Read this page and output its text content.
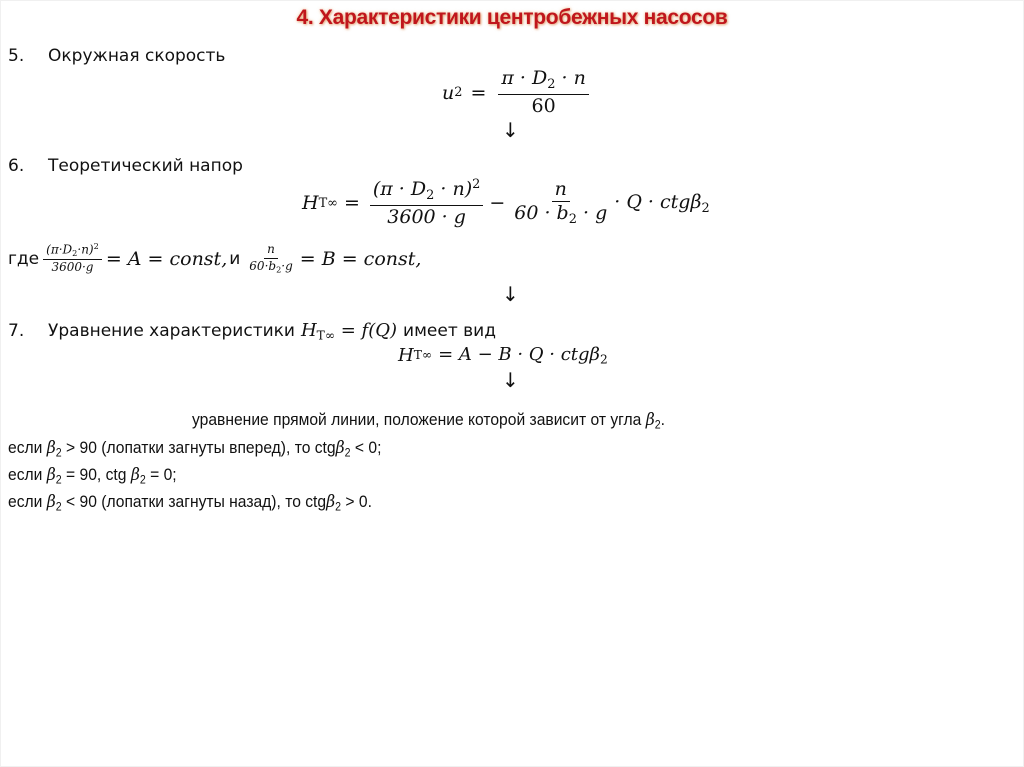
4. Характеристики центробежных насосов
5. Окружная скорость
u $2 = \frac{\pi \cdot D_2 \cdot n}{60}$
↓
6. Теоретический напор
H $T\infty = \frac{(\pi \cdot D_2 \cdot n)^2}{3600 \cdot g} - \frac{n}{60 \cdot b_2 \cdot g} \cdot Q \cdot ctg\beta_2$
где $\frac{(\pi\cdot D_2\cdot n)^2}{3600\cdot g} = A$ = const, и $\frac{n}{60\cdot b_2\cdot g} = B$ = const,
↓
7.	Уравнение характеристики $H_{T\infty} = f(Q)$ имеет вид
H T∞ = A − B · Q · ctgβ$_2$
↓
уравнение прямой линии, положение которой зависит от угла $\beta_2$.
если $\beta_2 > 90$ (лопатки загнуты вперед), то ctgβ$_2$ < 0;
если $\beta_2 = 90$, ctg $\beta_2 = 0$;
если $\beta_2 < 90$ (лопатки загнуты назад), то ctgβ$_2$ > 0.
